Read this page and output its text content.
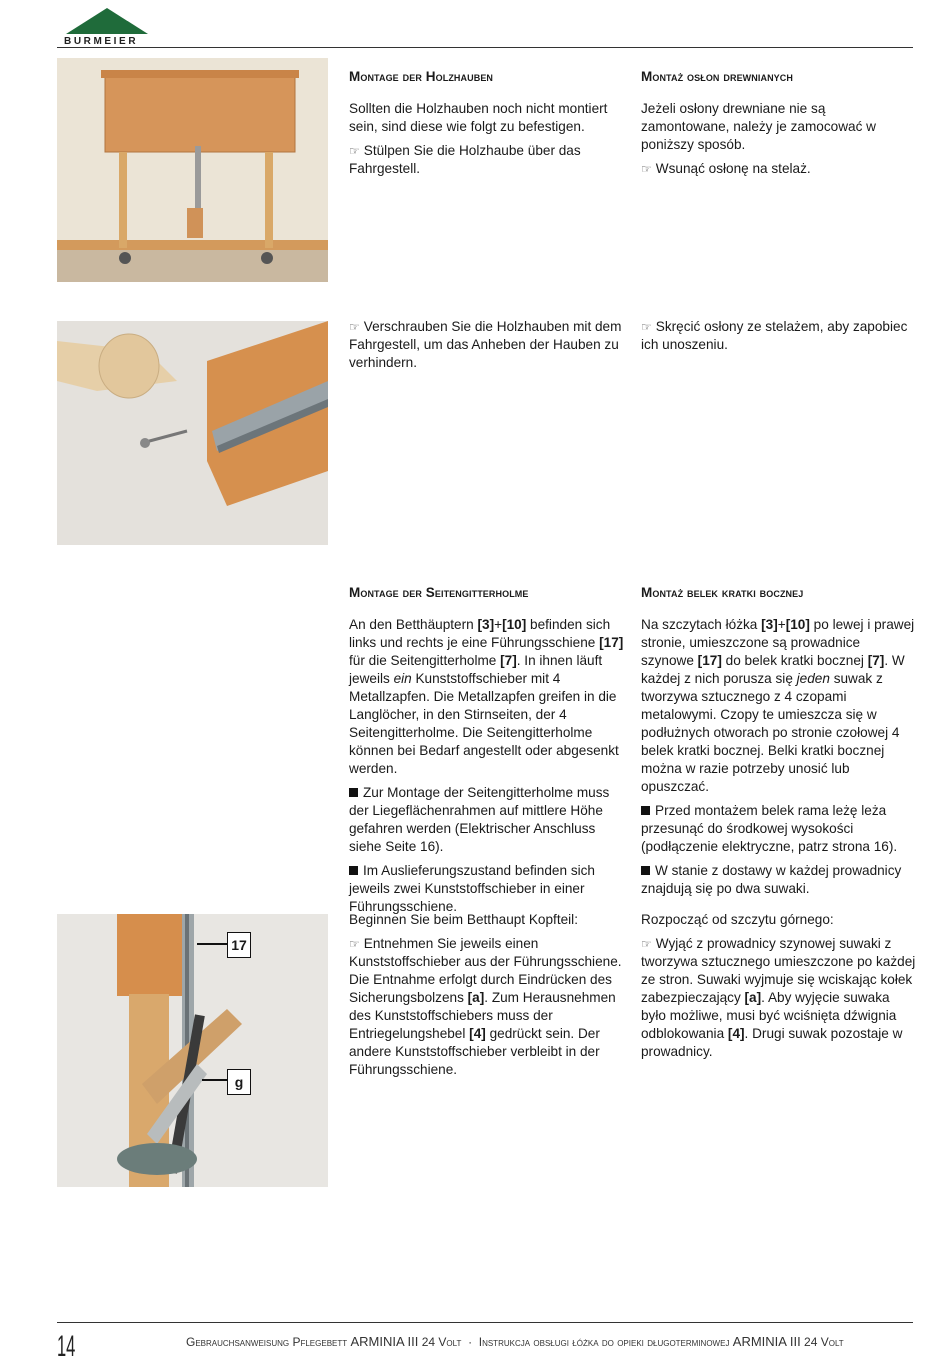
BURMEIER

Montage der Holzhauben

Sollten die Holzhauben noch nicht montiert sein, sind diese wie folgt zu befestigen.

☞ Stülpen Sie die Holzhaube über das Fahrgestell.

Montaż osłon drewnianych

Jeżeli osłony drewniane nie są zamontowane, należy je zamocować w poniższy sposób.

☞ Wsunąć osłonę na stelaż.

☞ Verschrauben Sie die Holzhauben mit dem Fahrgestell, um das Anheben der Hauben zu verhindern.

☞ Skręcić osłony ze stelażem, aby zapobiec ich unoszeniu.

Montage der Seitengitterholme

An den Betthäuptern [3]+[10] befinden sich links und rechts je eine Führungsschiene [17] für die Seitengitterholme [7]. In ihnen läuft jeweils ein Kunststoffschieber mit 4 Metallzapfen. Die Metallzapfen greifen in die Langlöcher, in den Stirnseiten, der 4 Seitengitterholme. Die Seitengitterholme können bei Bedarf angestellt oder abgesenkt werden.

Zur Montage der Seitengitterholme muss der Liegeflächenrahmen auf mittlere Höhe gefahren werden (Elektrischer Anschluss siehe Seite 16).

Im Auslieferungszustand befinden sich jeweils zwei Kunststoffschieber in einer Führungsschiene.

Montaż belek kratki bocznej

Na szczytach łóżka [3]+[10] po lewej i prawej stronie, umieszczone są prowadnice szynowe [17] do belek kratki bocznej [7]. W każdej z nich porusza się jeden suwak z tworzywa sztucznego z 4 czopami metalowymi. Czopy te umieszcza się w podłużnych otworach po stronie czołowej 4 belek kratki bocznej. Belki kratki bocznej można w razie potrzeby unosić lub opuszczać.

Przed montażem belek rama leżę leża przesunąć do środkowej wysokości (podłączenie elektryczne, patrz strona 16).

W stanie z dostawy w każdej prowadnicy znajdują się po dwa suwaki.

17
g

Beginnen Sie beim Betthaupt Kopfteil:

☞ Entnehmen Sie jeweils einen Kunststoffschieber aus der Führungsschiene. Die Entnahme erfolgt durch Eindrücken des Sicherungsbolzens [a]. Zum Herausnehmen des Kunststoffschiebers muss der Entriegelungshebel [4] gedrückt sein. Der andere Kunststoffschieber verbleibt in der Führungsschiene.

Rozpocząć od szczytu górnego:

☞ Wyjąć z prowadnicy szynowej suwaki z tworzywa sztucznego umieszczone po każdej ze stron. Suwaki wyjmuje się wciskając kołek zabezpieczający [a]. Aby wyjęcie suwaka było możliwe, musi być wciśnięta dźwignia odblokowania [4]. Drugi suwak pozostaje w prowadnicy.

14	Gebrauchsanweisung Pflegebett ARMINIA III 24 Volt · Instrukcja obsługi łóżka do opieki długoterminowej ARMINIA III 24 Volt
